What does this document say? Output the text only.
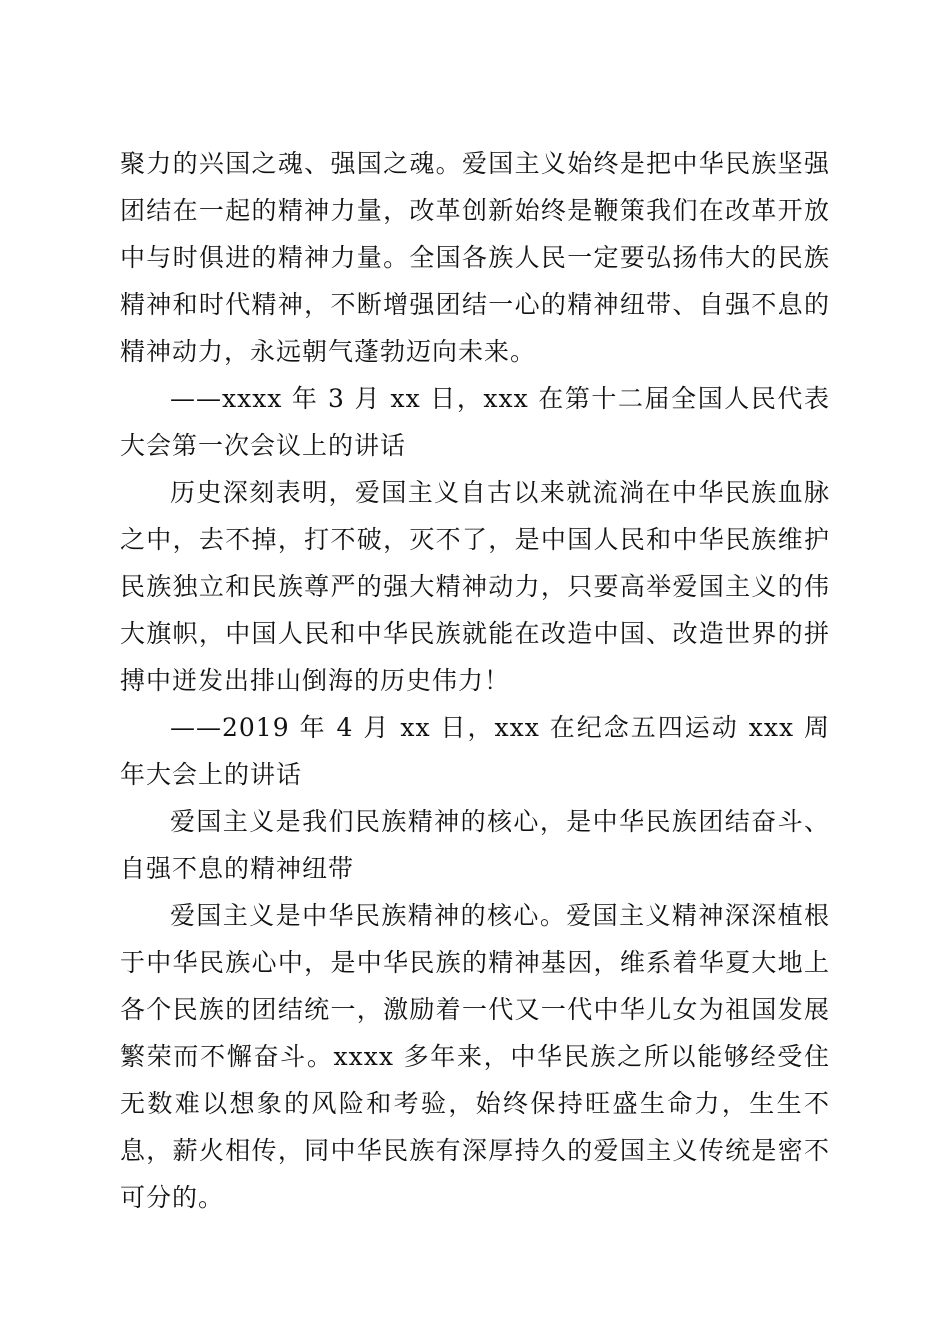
聚力的兴国之魂、强国之魂。爱国主义始终是把中华民族坚强团结在一起的精神力量，改革创新始终是鞭策我们在改革开放中与时俱进的精神力量。全国各族人民一定要弘扬伟大的民族精神和时代精神，不断增强团结一心的精神纽带、自强不息的精神动力，永远朝气蓬勃迈向未来。

——xxxx 年 3 月 xx 日，xxx 在第十二届全国人民代表大会第一次会议上的讲话

历史深刻表明，爱国主义自古以来就流淌在中华民族血脉之中，去不掉，打不破，灭不了，是中国人民和中华民族维护民族独立和民族尊严的强大精神动力，只要高举爱国主义的伟大旗帜，中国人民和中华民族就能在改造中国、改造世界的拼搏中迸发出排山倒海的历史伟力！

——2019 年 4 月 xx 日，xxx 在纪念五四运动 xxx 周年大会上的讲话

爱国主义是我们民族精神的核心，是中华民族团结奋斗、自强不息的精神纽带

爱国主义是中华民族精神的核心。爱国主义精神深深植根于中华民族心中，是中华民族的精神基因，维系着华夏大地上各个民族的团结统一，激励着一代又一代中华儿女为祖国发展繁荣而不懈奋斗。xxxx 多年来，中华民族之所以能够经受住无数难以想象的风险和考验，始终保持旺盛生命力，生生不息，薪火相传，同中华民族有深厚持久的爱国主义传统是密不可分的。
